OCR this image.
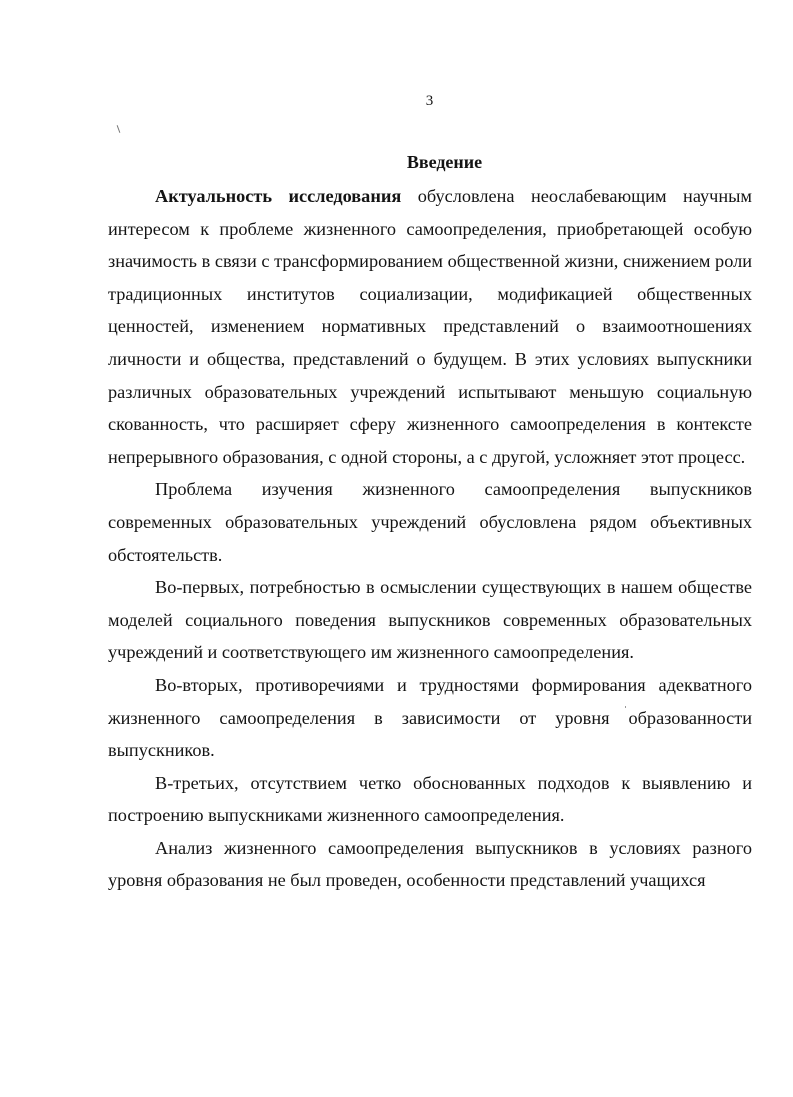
3
Введение

Актуальность исследования обусловлена неослабевающим научным интересом к проблеме жизненного самоопределения, приобретающей особую значимость в связи с трансформированием общественной жизни, снижением роли традиционных институтов социализации, модификацией общественных ценностей, изменением нормативных представлений о взаимоотношениях личности и общества, представлений о будущем. В этих условиях выпускники различных образовательных учреждений испытывают меньшую социальную скованность, что расширяет сферу жизненного самоопределения в контексте непрерывного образования, с одной стороны, а с другой, усложняет этот процесс.

Проблема изучения жизненного самоопределения выпускников современных образовательных учреждений обусловлена рядом объективных обстоятельств.

Во-первых, потребностью в осмыслении существующих в нашем обществе моделей социального поведения выпускников современных образовательных учреждений и соответствующего им жизненного самоопределения.

Во-вторых, противоречиями и трудностями формирования адекватного жизненного самоопределения в зависимости от уровня образованности выпускников.

В-третьих, отсутствием четко обоснованных подходов к выявлению и построению выпускниками жизненного самоопределения.

Анализ жизненного самоопределения выпускников в условиях разного уровня образования не был проведен, особенности представлений учащихся
